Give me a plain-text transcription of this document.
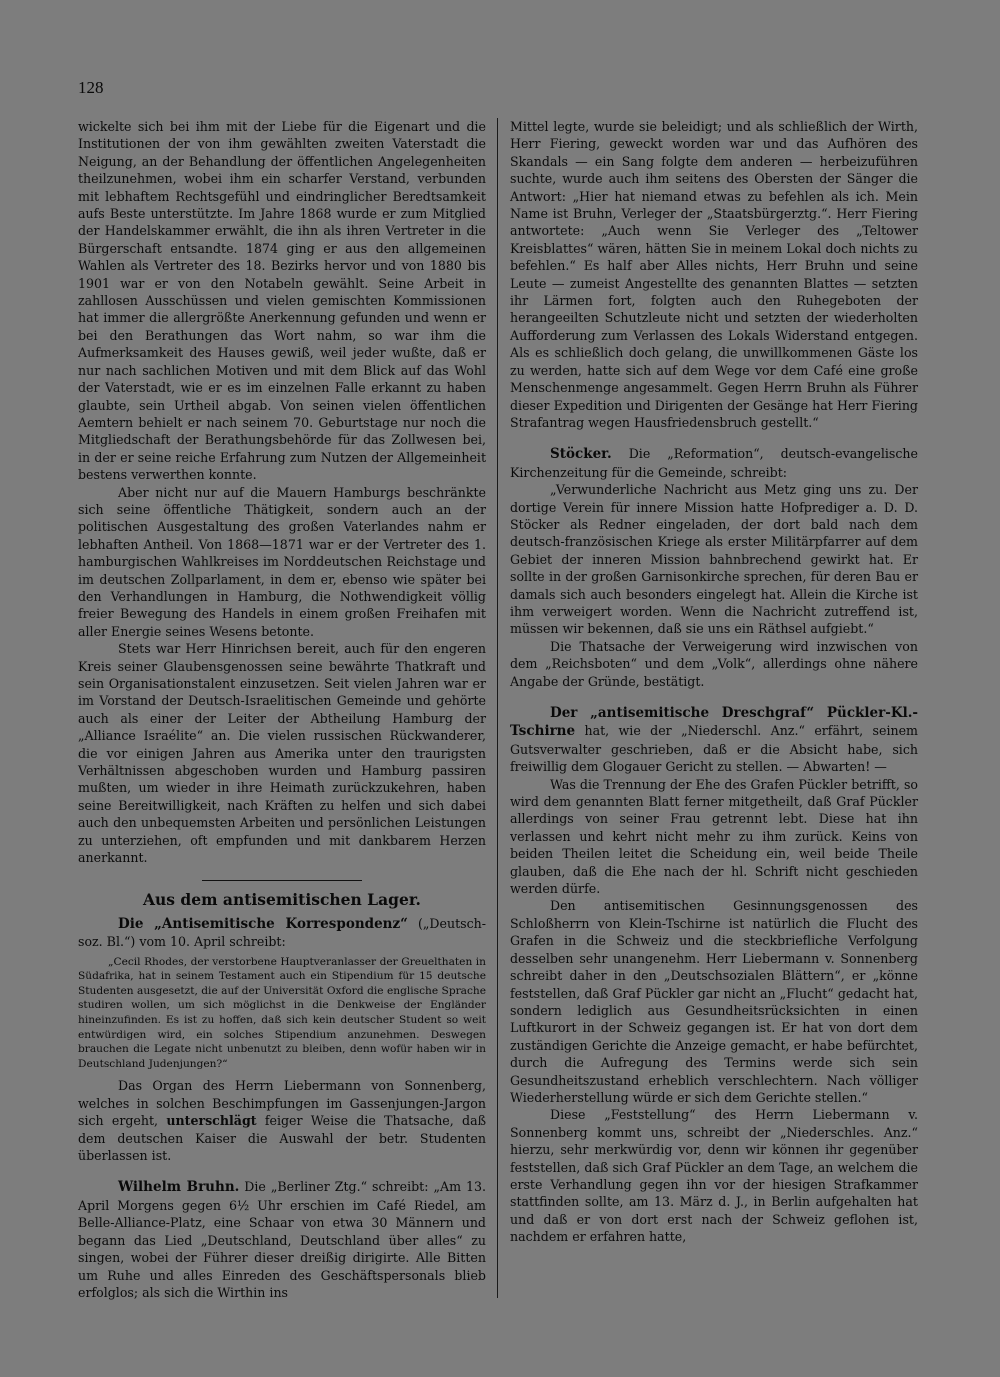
128

wickelte sich bei ihm mit der Liebe für die Eigenart und die Institutionen der von ihm gewählten zweiten Vaterstadt die Neigung, an der Behandlung der öffentlichen Angelegenheiten theilzunehmen, wobei ihm ein scharfer Verstand, verbunden mit lebhaftem Rechtsgefühl und eindringlicher Beredtsamkeit aufs Beste unterstützte. Im Jahre 1868 wurde er zum Mitglied der Handelskammer erwählt, die ihn als ihren Vertreter in die Bürgerschaft entsandte. 1874 ging er aus den allgemeinen Wahlen als Vertreter des 18. Bezirks hervor und von 1880 bis 1901 war er von den Notabeln gewählt. Seine Arbeit in zahllosen Ausschüssen und vielen gemischten Kommissionen hat immer die allergrößte Anerkennung gefunden und wenn er bei den Berathungen das Wort nahm, so war ihm die Aufmerksamkeit des Hauses gewiß, weil jeder wußte, daß er nur nach sachlichen Motiven und mit dem Blick auf das Wohl der Vaterstadt, wie er es im einzelnen Falle erkannt zu haben glaubte, sein Urtheil abgab. Von seinen vielen öffentlichen Aemtern behielt er nach seinem 70. Geburtstage nur noch die Mitgliedschaft der Berathungsbehörde für das Zollwesen bei, in der er seine reiche Erfahrung zum Nutzen der Allgemeinheit bestens verwerthen konnte.

Aber nicht nur auf die Mauern Hamburgs beschränkte sich seine öffentliche Thätigkeit, sondern auch an der politischen Ausgestaltung des großen Vaterlandes nahm er lebhaften Antheil. Von 1868—1871 war er der Vertreter des 1. hamburgischen Wahlkreises im Norddeutschen Reichstage und im deutschen Zollparlament, in dem er, ebenso wie später bei den Verhandlungen in Hamburg, die Nothwendigkeit völlig freier Bewegung des Handels in einem großen Freihafen mit aller Energie seines Wesens betonte.

Stets war Herr Hinrichsen bereit, auch für den engeren Kreis seiner Glaubensgenossen seine bewährte Thatkraft und sein Organisationstalent einzusetzen. Seit vielen Jahren war er im Vorstand der Deutsch-Israelitischen Gemeinde und gehörte auch als einer der Leiter der Abtheilung Hamburg der „Alliance Israélite“ an. Die vielen russischen Rückwanderer, die vor einigen Jahren aus Amerika unter den traurigsten Verhältnissen abgeschoben wurden und Hamburg passiren mußten, um wieder in ihre Heimath zurückzukehren, haben seine Bereitwilligkeit, nach Kräften zu helfen und sich dabei auch den unbequemsten Arbeiten und persönlichen Leistungen zu unterziehen, oft empfunden und mit dankbarem Herzen anerkannt.

Aus dem antisemitischen Lager.

Die „Antisemitische Korrespondenz“ („Deutsch-soz. Bl.“) vom 10. April schreibt:

„Cecil Rhodes, der verstorbene Hauptveranlasser der Greuelthaten in Südafrika, hat in seinem Testament auch ein Stipendium für 15 deutsche Studenten ausgesetzt, die auf der Universität Oxford die englische Sprache studiren wollen, um sich möglichst in die Denkweise der Engländer hineinzufinden. Es ist zu hoffen, daß sich kein deutscher Student so weit entwürdigen wird, ein solches Stipendium anzunehmen. Deswegen brauchen die Legate nicht unbenutzt zu bleiben, denn wofür haben wir in Deutschland Judenjungen?“

Das Organ des Herrn Liebermann von Sonnenberg, welches in solchen Beschimpfungen im Gassenjungen-Jargon sich ergeht, unterschlägt feiger Weise die Thatsache, daß dem deutschen Kaiser die Auswahl der betr. Studenten überlassen ist.

Wilhelm Bruhn. Die „Berliner Ztg.“ schreibt: „Am 13. April Morgens gegen 6½ Uhr erschien im Café Riedel, am Belle-Alliance-Platz, eine Schaar von etwa 30 Männern und begann das Lied „Deutschland, Deutschland über alles“ zu singen, wobei der Führer dieser dreißig dirigirte. Alle Bitten um Ruhe und alles Einreden des Geschäftspersonals blieb erfolglos; als sich die Wirthin ins

Mittel legte, wurde sie beleidigt; und als schließlich der Wirth, Herr Fiering, geweckt worden war und das Aufhören des Skandals — ein Sang folgte dem anderen — herbeizuführen suchte, wurde auch ihm seitens des Obersten der Sänger die Antwort: „Hier hat niemand etwas zu befehlen als ich. Mein Name ist Bruhn, Verleger der „Staatsbürgerztg.“. Herr Fiering antwortete: „Auch wenn Sie Verleger des „Teltower Kreisblattes“ wären, hätten Sie in meinem Lokal doch nichts zu befehlen.“ Es half aber Alles nichts, Herr Bruhn und seine Leute — zumeist Angestellte des genannten Blattes — setzten ihr Lärmen fort, folgten auch den Ruhegeboten der herangeeilten Schutzleute nicht und setzten der wiederholten Aufforderung zum Verlassen des Lokals Widerstand entgegen. Als es schließlich doch gelang, die unwillkommenen Gäste los zu werden, hatte sich auf dem Wege vor dem Café eine große Menschenmenge angesammelt. Gegen Herrn Bruhn als Führer dieser Expedition und Dirigenten der Gesänge hat Herr Fiering Strafantrag wegen Hausfriedensbruch gestellt.“

Stöcker. Die „Reformation“, deutsch-evangelische Kirchenzeitung für die Gemeinde, schreibt:

„Verwunderliche Nachricht aus Metz ging uns zu. Der dortige Verein für innere Mission hatte Hofprediger a. D. D. Stöcker als Redner eingeladen, der dort bald nach dem deutsch-französischen Kriege als erster Militärpfarrer auf dem Gebiet der inneren Mission bahnbrechend gewirkt hat. Er sollte in der großen Garnisonkirche sprechen, für deren Bau er damals sich auch besonders eingelegt hat. Allein die Kirche ist ihm verweigert worden. Wenn die Nachricht zutreffend ist, müssen wir bekennen, daß sie uns ein Räthsel aufgiebt.“

Die Thatsache der Verweigerung wird inzwischen von dem „Reichsboten“ und dem „Volk“, allerdings ohne nähere Angabe der Gründe, bestätigt.

Der „antisemitische Dreschgraf“ Pückler-Kl.-Tschirne hat, wie der „Niederschl. Anz.“ erfährt, seinem Gutsverwalter geschrieben, daß er die Absicht habe, sich freiwillig dem Glogauer Gericht zu stellen. — Abwarten! —

Was die Trennung der Ehe des Grafen Pückler betrifft, so wird dem genannten Blatt ferner mitgetheilt, daß Graf Pückler allerdings von seiner Frau getrennt lebt. Diese hat ihn verlassen und kehrt nicht mehr zu ihm zurück. Keins von beiden Theilen leitet die Scheidung ein, weil beide Theile glauben, daß die Ehe nach der hl. Schrift nicht geschieden werden dürfe.

Den antisemitischen Gesinnungsgenossen des Schloßherrn von Klein-Tschirne ist natürlich die Flucht des Grafen in die Schweiz und die steckbriefliche Verfolgung desselben sehr unangenehm. Herr Liebermann v. Sonnenberg schreibt daher in den „Deutschsozialen Blättern“, er „könne feststellen, daß Graf Pückler gar nicht an „Flucht“ gedacht hat, sondern lediglich aus Gesundheitsrücksichten in einen Luftkurort in der Schweiz gegangen ist. Er hat von dort dem zuständigen Gerichte die Anzeige gemacht, er habe befürchtet, durch die Aufregung des Termins werde sich sein Gesundheitszustand erheblich verschlechtern. Nach völliger Wiederherstellung würde er sich dem Gerichte stellen.“

Diese „Feststellung“ des Herrn Liebermann v. Sonnenberg kommt uns, schreibt der „Niederschles. Anz.“ hierzu, sehr merkwürdig vor, denn wir können ihr gegenüber feststellen, daß sich Graf Pückler an dem Tage, an welchem die erste Verhandlung gegen ihn vor der hiesigen Strafkammer stattfinden sollte, am 13. März d. J., in Berlin aufgehalten hat und daß er von dort erst nach der Schweiz geflohen ist, nachdem er erfahren hatte,
